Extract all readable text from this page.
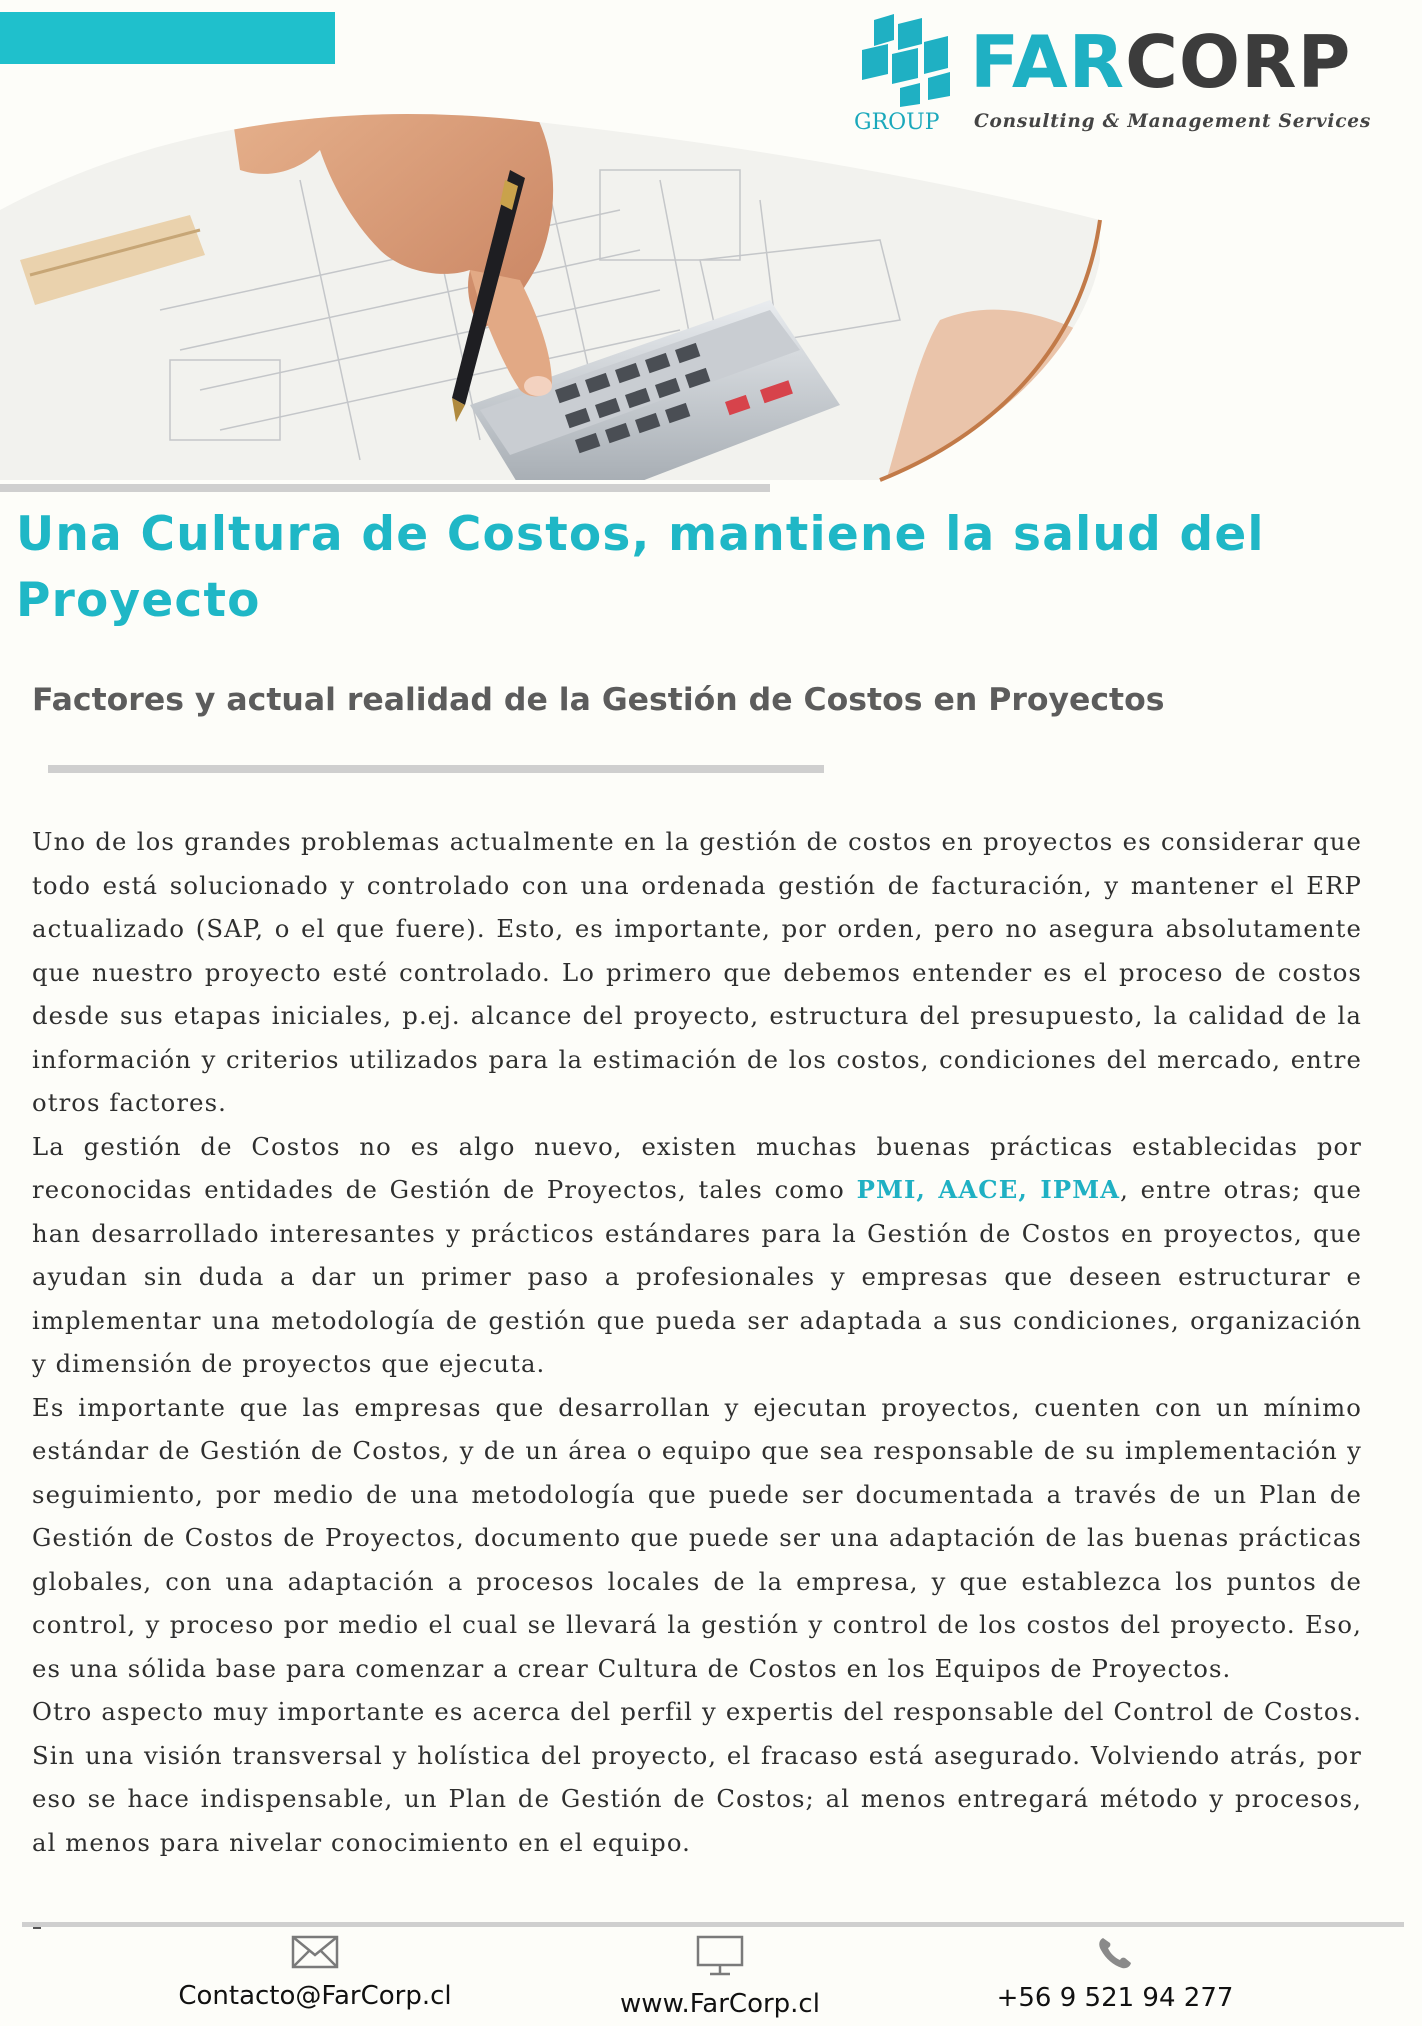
FARCORP
GROUP Consulting & Management Services
Una Cultura de Costos, mantiene la salud del Proyecto
Factores y actual realidad de la Gestión de Costos en Proyectos

Uno de los grandes problemas actualmente en la gestión de costos en proyectos es considerar que todo está solucionado y controlado con una ordenada gestión de facturación, y mantener el ERP actualizado (SAP, o el que fuere). Esto, es importante, por orden, pero no asegura absolutamente que nuestro proyecto esté controlado. Lo primero que debemos entender es el proceso de costos desde sus etapas iniciales, p.ej. alcance del proyecto, estructura del presupuesto, la calidad de la información y criterios utilizados para la estimación de los costos, condiciones del mercado, entre otros factores.

La gestión de Costos no es algo nuevo, existen muchas buenas prácticas establecidas por reconocidas entidades de Gestión de Proyectos, tales como PMI, AACE, IPMA, entre otras; que han desarrollado interesantes y prácticos estándares para la Gestión de Costos en proyectos, que ayudan sin duda a dar un primer paso a profesionales y empresas que deseen estructurar e implementar una metodología de gestión que pueda ser adaptada a sus condiciones, organización y dimensión de proyectos que ejecuta.

Es importante que las empresas que desarrollan y ejecutan proyectos, cuenten con un mínimo estándar de Gestión de Costos, y de un área o equipo que sea responsable de su implementación y seguimiento, por medio de una metodología que puede ser documentada a través de un Plan de Gestión de Costos de Proyectos, documento que puede ser una adaptación de las buenas prácticas globales, con una adaptación a procesos locales de la empresa, y que establezca los puntos de control, y proceso por medio el cual se llevará la gestión y control de los costos del proyecto. Eso, es una sólida base para comenzar a crear Cultura de Costos en los Equipos de Proyectos.

Otro aspecto muy importante es acerca del perfil y expertis del responsable del Control de Costos. Sin una visión transversal y holística del proyecto, el fracaso está asegurado. Volviendo atrás, por eso se hace indispensable, un Plan de Gestión de Costos; al menos entregará método y procesos, al menos para nivelar conocimiento en el equipo.

Contacto@FarCorp.cl	www.FarCorp.cl	+56 9 521 94 277
